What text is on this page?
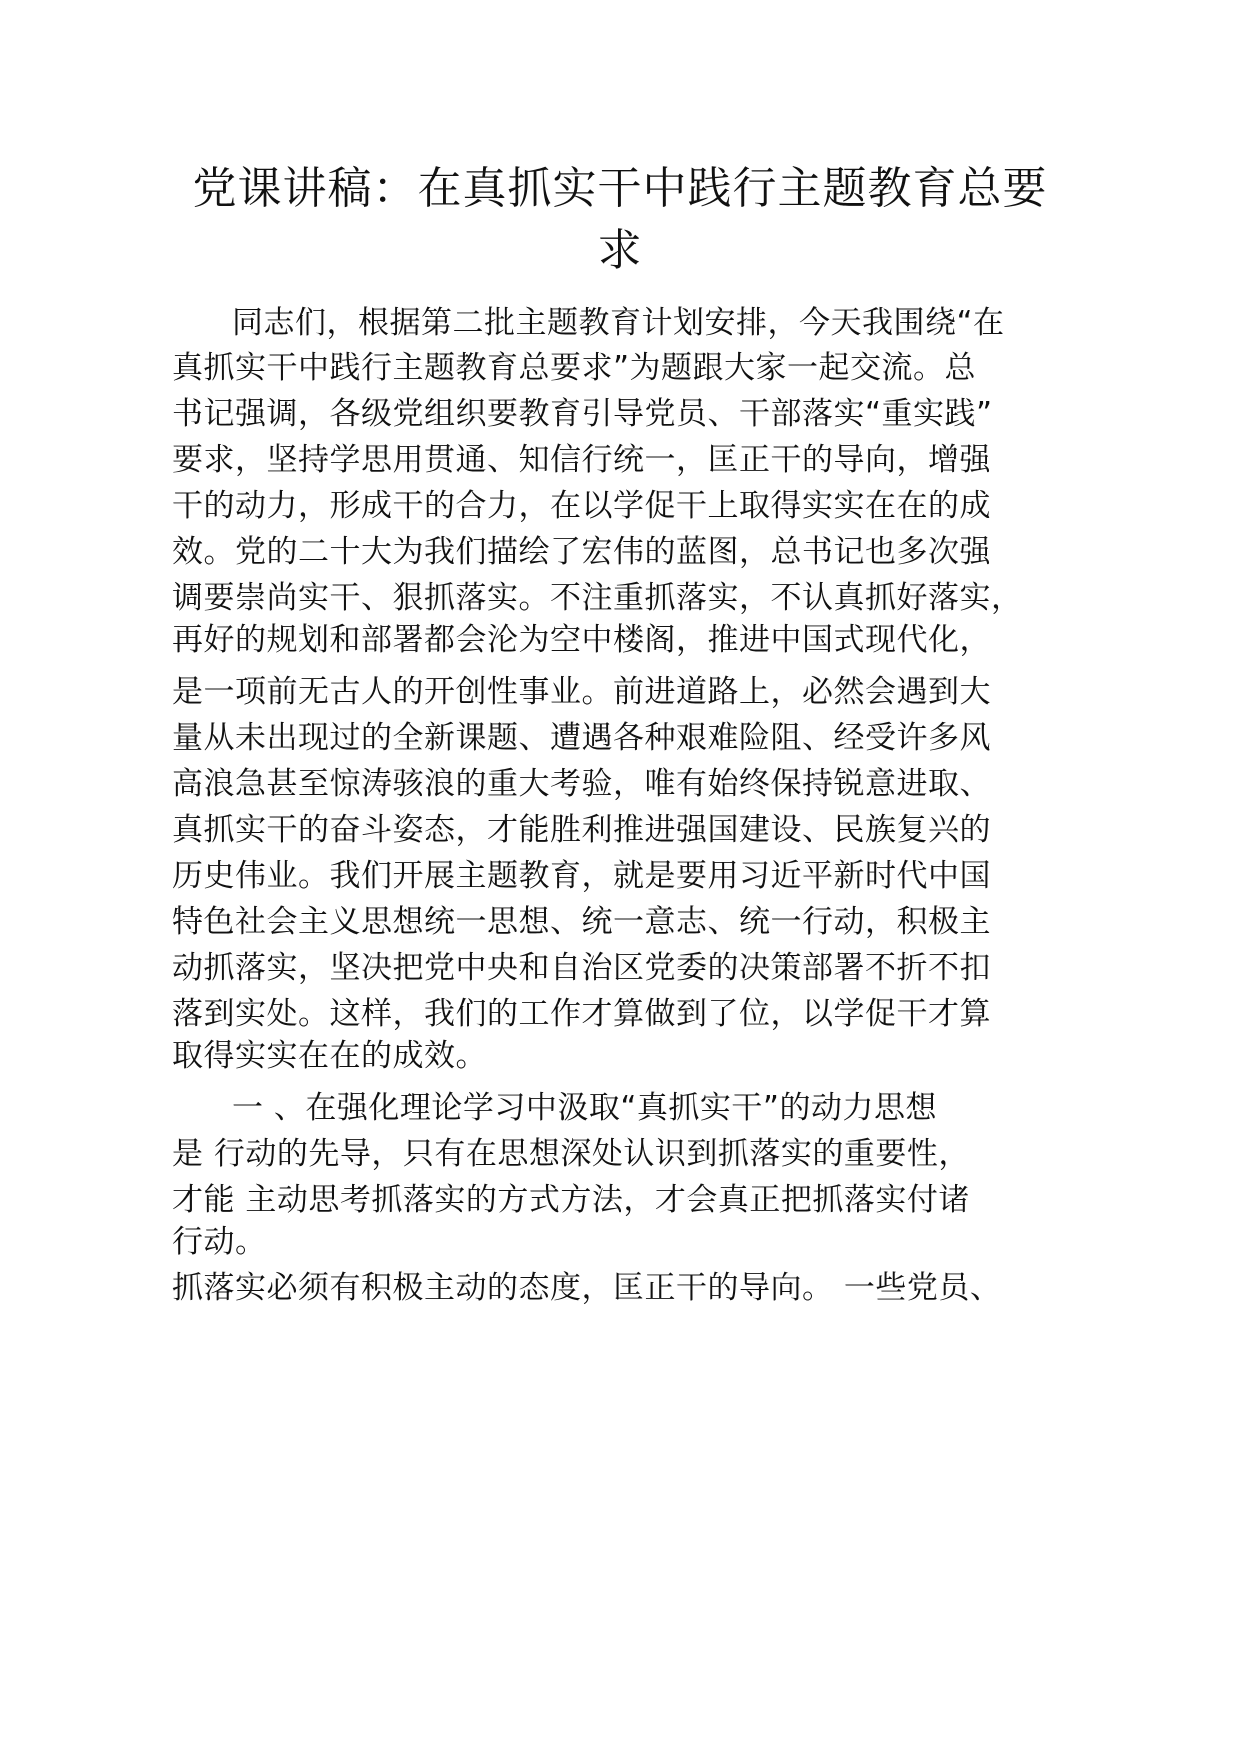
党课讲稿：在真抓实干中践行主题教育总要
求

同志们，根据第二批主题教育计划安排，今天我围绕“在

真抓实干中践行主题教育总要求”为题跟大家一起交流。总

书记强调，各级党组织要教育引导党员、干部落实“重实践”

要求，坚持学思用贯通、知信行统一，匡正干的导向，增强

干的动力，形成干的合力，在以学促干上取得实实在在的成

效。党的二十大为我们描绘了宏伟的蓝图，总书记也多次强

调要崇尚实干、狠抓落实。不注重抓落实，不认真抓好落实，

再好的规划和部署都会沦为空中楼阁，推进中国式现代化，

是一项前无古人的开创性事业。前进道路上，必然会遇到大

量从未出现过的全新课题、遭遇各种艰难险阻、经受许多风

高浪急甚至惊涛骇浪的重大考验，唯有始终保持锐意进取、

真抓实干的奋斗姿态，才能胜利推进强国建设、民族复兴的

历史伟业。我们开展主题教育，就是要用习近平新时代中国

特色社会主义思想统一思想、统一意志、统一行动，积极主

动抓落实，坚决把党中央和自治区党委的决策部署不折不扣

落到实处。这样，我们的工作才算做到了位，以学促干才算

取得实实在在的成效。

一 、在强化理论学习中汲取“真抓实干”的动力思想

是 行动的先导，只有在思想深处认识到抓落实的重要性，

才能 主动思考抓落实的方式方法，才会真正把抓落实付诸

行动。

抓落实必须有积极主动的态度，匡正干的导向。 一些党员、
